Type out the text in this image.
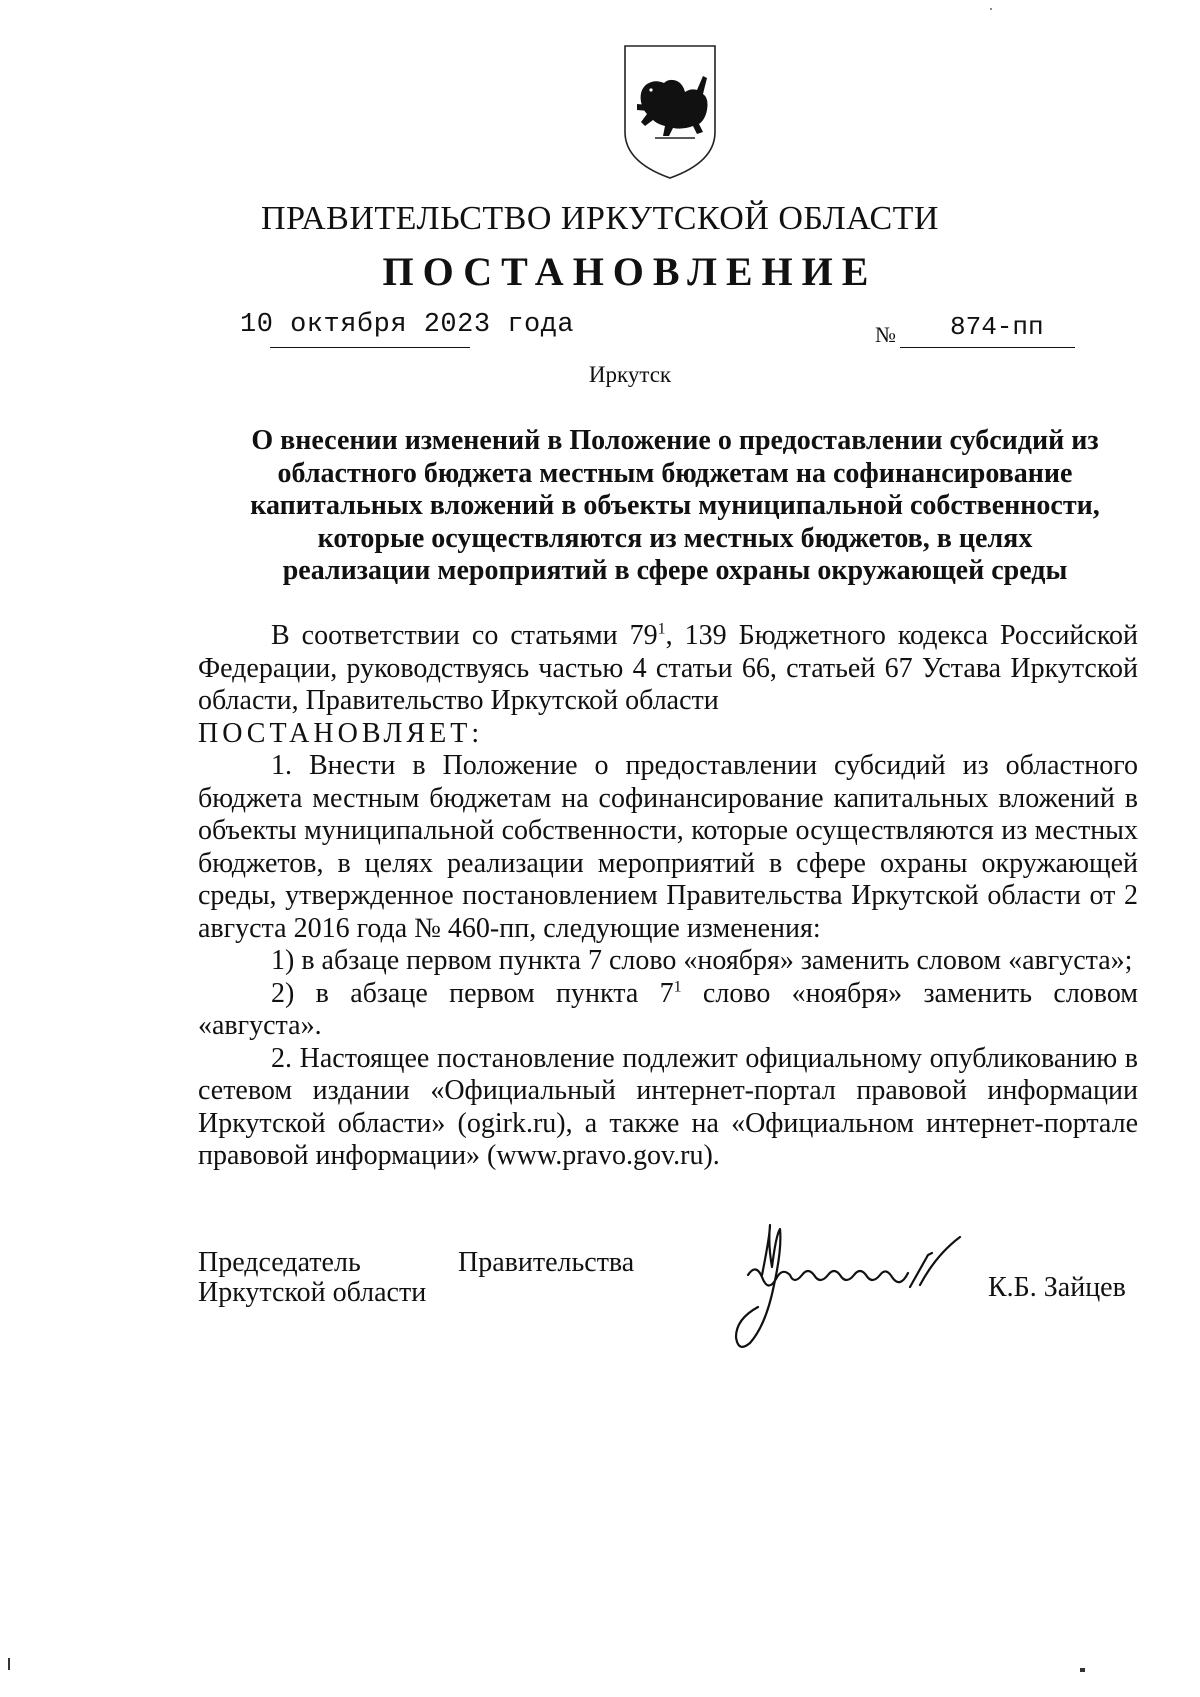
ПРАВИТЕЛЬСТВО ИРКУТСКОЙ ОБЛАСТИ
ПОСТАНОВЛЕНИЕ
10 октября 2023 года	№ 874-пп
Иркутск
О внесении изменений в Положение о предоставлении субсидий из
областного бюджета местным бюджетам на софинансирование
капитальных вложений в объекты муниципальной собственности,
которые осуществляются из местных бюджетов, в целях
реализации мероприятий в сфере охраны окружающей среды

В соответствии со статьями $79^1$, 139 Бюджетного кодекса Российской Федерации, руководствуясь частью 4 статьи 66, статьей 67 Устава Иркутской области, Правительство Иркутской области

ПОСТАНОВЛЯЕТ:

1. Внести в Положение о предоставлении субсидий из областного бюджета местным бюджетам на софинансирование капитальных вложений в объекты муниципальной собственности, которые осуществляются из местных бюджетов, в целях реализации мероприятий в сфере охраны окружающей среды, утвержденное постановлением Правительства Иркутской области от 2 августа 2016 года № 460-пп, следующие изменения:

1) в абзаце первом пункта 7 слово «ноября» заменить словом «августа»;

2) в абзаце первом пункта $7^1$ слово «ноября» заменить словом «августа».

2. Настоящее постановление подлежит официальному опубликованию в сетевом издании «Официальный интернет-портал правовой информации Иркутской области» (ogirk.ru), а также на «Официальном интернет-портале правовой информации» (www.pravo.gov.ru).

Председатель	Правительства
Иркутской области	К.Б. Зайцев
